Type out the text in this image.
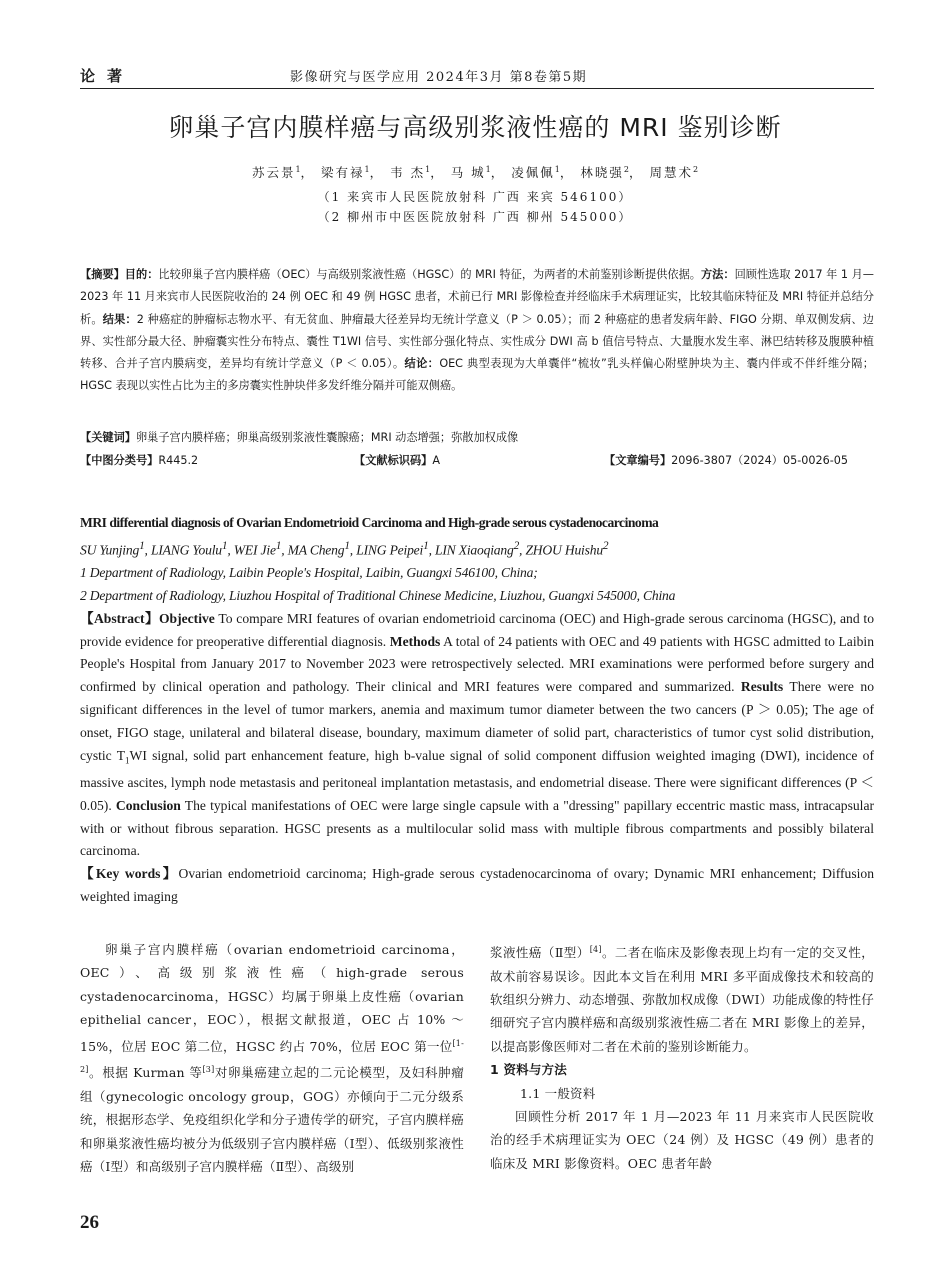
论著	影像研究与医学应用 2024年3月 第8卷第5期
卵巢子宫内膜样癌与高级别浆液性癌的 MRI 鉴别诊断
苏云景$^1$， 梁有禄$^1$， 韦 杰$^1$， 马 城$^1$， 凌佩佩$^1$， 林晓强$^2$， 周慧术$^2$
（1 来宾市人民医院放射科 广西 来宾 546100）
（2 柳州市中医医院放射科 广西 柳州 545000）
【摘要】目的：比较卵巢子宫内膜样癌（OEC）与高级别浆液性癌（HGSC）的 MRI 特征，为两者的术前鉴别诊断提供依据。方法：回顾性选取 2017 年 1 月—2023 年 11 月来宾市人民医院收治的 24 例 OEC 和 49 例 HGSC 患者，术前已行 MRI 影像检查并经临床手术病理证实，比较其临床特征及 MRI 特征并总结分析。结果：2 种癌症的肿瘤标志物水平、有无贫血、肿瘤最大径差异均无统计学意义（P ＞ 0.05）；而 2 种癌症的患者发病年龄、FIGO 分期、单双侧发病、边界、实性部分最大径、肿瘤囊实性分布特点、囊性 T1WI 信号、实性部分强化特点、实性成分 DWI 高 b 值信号特点、大量腹水发生率、淋巴结转移及腹膜种植转移、合并子宫内膜病变，差异均有统计学意义（P ＜ 0.05）。结论：OEC 典型表现为大单囊伴“梳妆”乳头样偏心附壁肿块为主、囊内伴或不伴纤维分隔；HGSC 表现以实性占比为主的多房囊实性肿块伴多发纤维分隔并可能双侧癌。
【关键词】卵巢子宫内膜样癌；卵巢高级别浆液性囊腺癌；MRI 动态增强；弥散加权成像
【中图分类号】R445.2	【文献标识码】A	【文章编号】2096-3807（2024）05-0026-05
MRI differential diagnosis of Ovarian Endometrioid Carcinoma and High-grade serous cystadenocarcinoma
SU Yunjing$^1$, LIANG Youlu$^1$, WEI Jie$^1$, MA Cheng$^1$, LING Peipei$^1$, LIN Xiaoqiang$^2$, ZHOU Huishu$^2$
1 Department of Radiology, Laibin People's Hospital, Laibin, Guangxi 546100, China;
2 Department of Radiology, Liuzhou Hospital of Traditional Chinese Medicine, Liuzhou, Guangxi 545000, China
【Abstract】Objective To compare MRI features of ovarian endometrioid carcinoma (OEC) and High-grade serous carcinoma (HGSC), and to provide evidence for preoperative differential diagnosis. Methods A total of 24 patients with OEC and 49 patients with HGSC admitted to Laibin People's Hospital from January 2017 to November 2023 were retrospectively selected. MRI examinations were performed before surgery and confirmed by clinical operation and pathology. Their clinical and MRI features were compared and summarized. Results There were no significant differences in the level of tumor markers, anemia and maximum tumor diameter between the two cancers (P ＞ 0.05); The age of onset, FIGO stage, unilateral and bilateral disease, boundary, maximum diameter of solid part, characteristics of tumor cyst solid distribution, cystic $T_1WI$ signal, solid part enhancement feature, high b-value signal of solid component diffusion weighted imaging (DWI), incidence of massive ascites, lymph node metastasis and peritoneal implantation metastasis, and endometrial disease. There were significant differences (P ＜ 0.05). Conclusion The typical manifestations of OEC were large single capsule with a "dressing" papillary eccentric mastic mass, intracapsular with or without fibrous separation. HGSC presents as a multilocular solid mass with multiple fibrous compartments and possibly bilateral carcinoma.
【Key words】Ovarian endometrioid carcinoma; High-grade serous cystadenocarcinoma of ovary; Dynamic MRI enhancement; Diffusion weighted imaging

卵巢子宫内膜样癌（ovarian endometrioid carcinoma，OEC）、高级别浆液性癌（high-grade serous cystadenocarcinoma，HGSC）均属于卵巢上皮性癌（ovarian epithelial cancer，EOC），根据文献报道，OEC 占 10% ～ 15%，位居 EOC 第二位，HGSC 约占 70%，位居 EOC 第一位[1-2]。根据 Kurman 等[3]对卵巢癌建立起的二元论模型，及妇科肿瘤组（gynecologic oncology group，GOG）亦倾向于二元分级系统，根据形态学、免疫组织化学和分子遗传学的研究，子宫内膜样癌和卵巢浆液性癌均被分为低级别子宫内膜样癌（Ⅰ型）、低级别浆液性癌（Ⅰ型）和高级别子宫内膜样癌（Ⅱ型）、高级别

浆液性癌（Ⅱ型）[4]。二者在临床及影像表现上均有一定的交叉性，故术前容易误诊。因此本文旨在利用 MRI 多平面成像技术和较高的软组织分辨力、动态增强、弥散加权成像（DWI）功能成像的特性仔细研究子宫内膜样癌和高级别浆液性癌二者在 MRI 影像上的差异，以提高影像医师对二者在术前的鉴别诊断能力。

1 资料与方法

1.1 一般资料

回顾性分析 2017 年 1 月—2023 年 11 月来宾市人民医院收治的经手术病理证实为 OEC（24 例）及 HGSC（49 例）患者的临床及 MRI 影像资料。OEC 患者年龄

26
